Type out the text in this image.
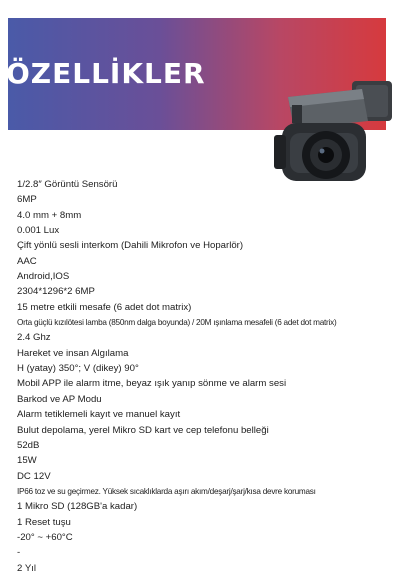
ÖZELLİKLER
1/2.8″ Görüntü Sensörü
6MP
4.0 mm + 8mm
0.001 Lux
Çift yönlü sesli interkom (Dahili Mikrofon ve Hoparlör)
AAC
Android,IOS
2304*1296*2 6MP
15 metre etkili mesafe (6 adet dot matrix)
Orta güçlü kızılötesi lamba (850nm dalga boyunda) / 20M ışınlama mesafeli (6 adet dot matrix)
2.4 Ghz
Hareket ve insan Algılama
H (yatay) 350°; V (dikey) 90°
Mobil APP ile alarm itme, beyaz ışık yanıp sönme ve alarm sesi
Barkod ve AP Modu
Alarm tetiklemeli kayıt ve manuel kayıt
Bulut depolama, yerel Mikro SD kart ve cep telefonu belleği
52dB
15W
DC 12V
IP66 toz ve su geçirmez. Yüksek sıcaklıklarda aşırı akım/deşarj/şarj/kısa devre koruması
1 Mikro SD (128GB'a kadar)
1 Reset tuşu
-20° ~ +60°C
-
2 Yıl
